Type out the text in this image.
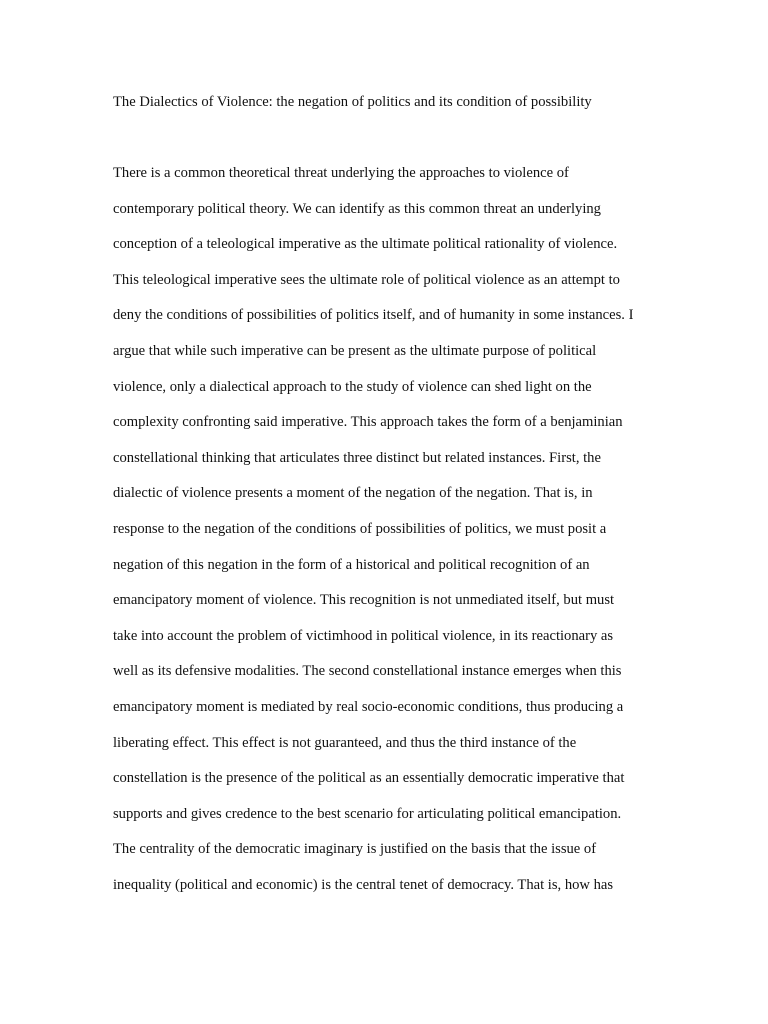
The Dialectics of Violence: the negation of politics and its condition of possibility
There is a common theoretical threat underlying the approaches to violence of
contemporary political theory. We can identify as this common threat an underlying
conception of a teleological imperative as the ultimate political rationality of violence.
This teleological imperative sees the ultimate role of political violence as an attempt to
deny the conditions of possibilities of politics itself, and of humanity in some instances. I
argue that while such imperative can be present as the ultimate purpose of political
violence, only a dialectical approach to the study of violence can shed light on the
complexity confronting said imperative. This approach takes the form of a benjaminian
constellational thinking that articulates three distinct but related instances. First, the
dialectic of violence presents a moment of the negation of the negation. That is, in
response to the negation of the conditions of possibilities of politics, we must posit a
negation of this negation in the form of a historical and political recognition of an
emancipatory moment of violence. This recognition is not unmediated itself, but must
take into account the problem of victimhood in political violence, in its reactionary as
well as its defensive modalities. The second constellational instance emerges when this
emancipatory moment is mediated by real socio-economic conditions, thus producing a
liberating effect. This effect is not guaranteed, and thus the third instance of the
constellation is the presence of the political as an essentially democratic imperative that
supports and gives credence to the best scenario for articulating political emancipation.
The centrality of the democratic imaginary is justified on the basis that the issue of
inequality (political and economic) is the central tenet of democracy. That is, how has
